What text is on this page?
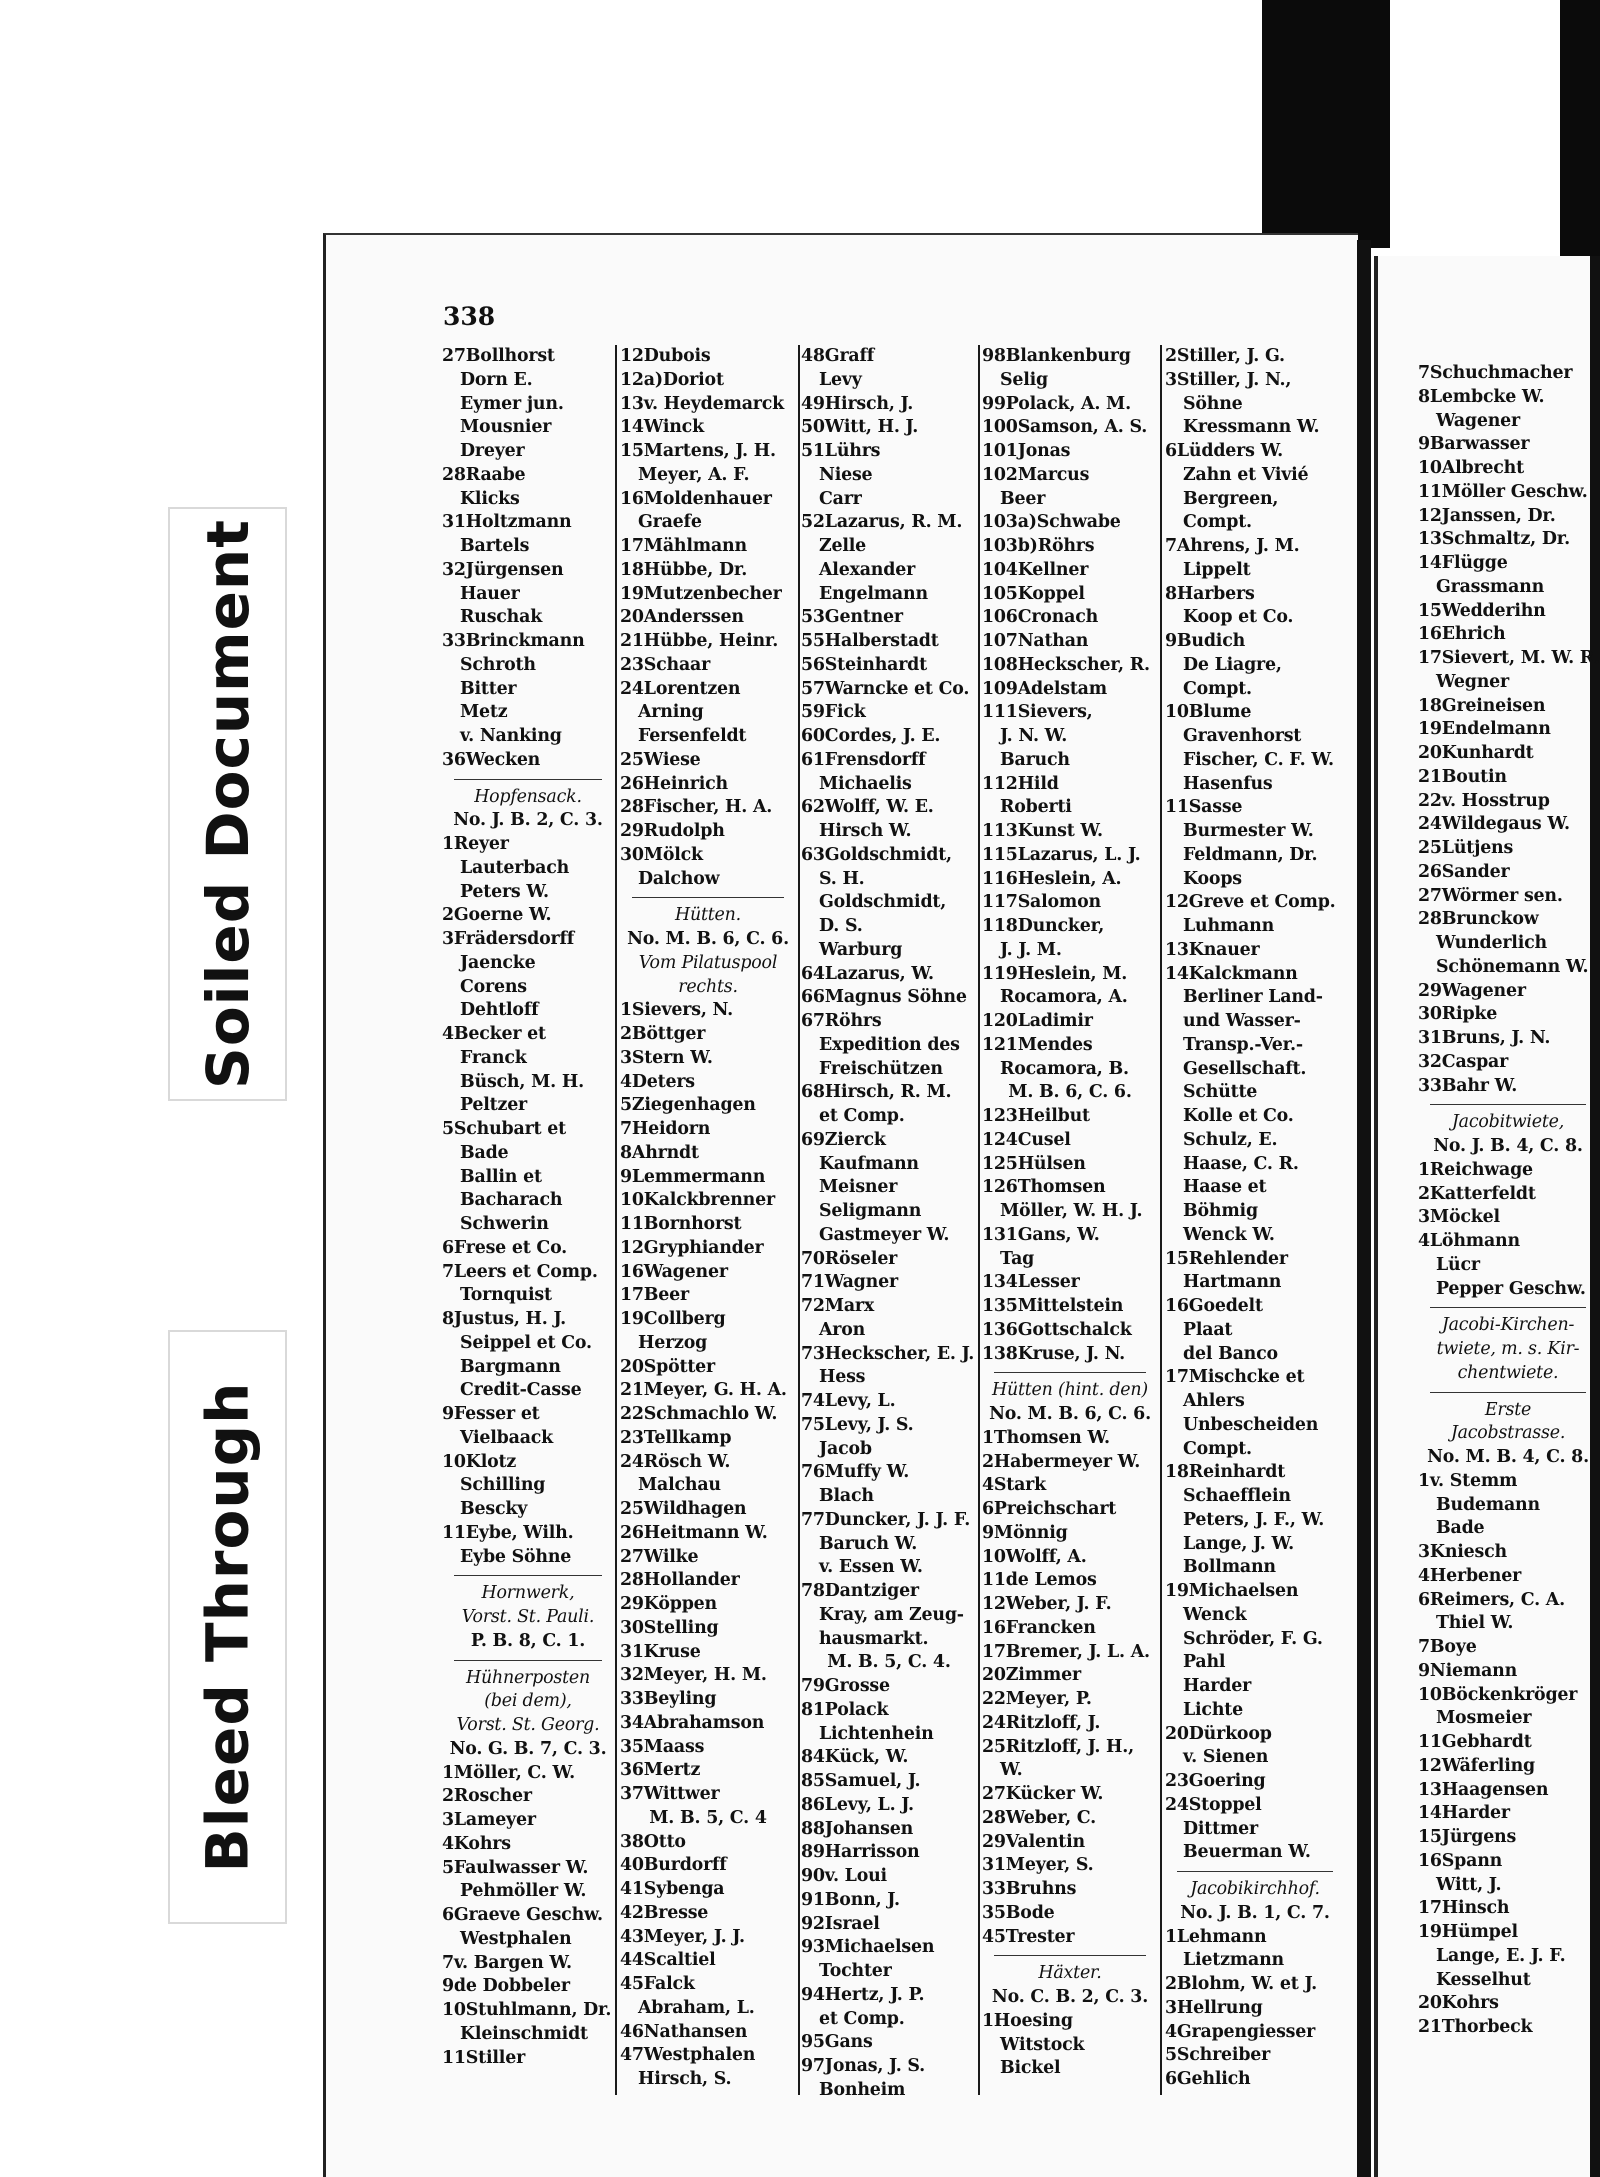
Soiled Document
Bleed Through
338
27Bollhorst
Dorn E.
Eymer jun.
Mousnier
Dreyer
28Raabe
Klicks
31Holtzmann
Bartels
32Jürgensen
Hauer
Ruschak
33Brinckmann
Schroth
Bitter
Metz
v. Nanking
36Wecken
Hopfensack.
No. J. B. 2, C. 3.
1Reyer
Lauterbach
Peters W.
2Goerne W.
3Frädersdorff
Jaencke
Corens
Dehtloff
4Becker et
Franck
Büsch, M. H.
Peltzer
5Schubart et
Bade
Ballin et
Bacharach
Schwerin
6Frese et Co.
7Leers et Comp.
Tornquist
8Justus, H. J.
Seippel et Co.
Bargmann
Credit-Casse
9Fesser et
Vielbaack
10Klotz
Schilling
Bescky
11Eybe, Wilh.
Eybe Söhne
Hornwerk,
Vorst. St. Pauli.
P. B. 8, C. 1.
Hühnerposten
(bei dem),
Vorst. St. Georg.
No. G. B. 7, C. 3.
1Möller, C. W.
2Roscher
3Lameyer
4Kohrs
5Faulwasser W.
Pehmöller W.
6Graeve Geschw.
Westphalen
7v. Bargen W.
9de Dobbeler
10Stuhlmann, Dr.
Kleinschmidt
11Stiller
12Dubois
12a)Doriot
13v. Heydemarck
14Winck
15Martens, J. H.
Meyer, A. F.
16Moldenhauer
Graefe
17Mählmann
18Hübbe, Dr.
19Mutzenbecher
20Anderssen
21Hübbe, Heinr.
23Schaar
24Lorentzen
Arning
Fersenfeldt
25Wiese
26Heinrich
28Fischer, H. A.
29Rudolph
30Mölck
Dalchow
Hütten.
No. M. B. 6, C. 6.
Vom Pilatuspool
rechts.
1Sievers, N.
2Böttger
3Stern W.
4Deters
5Ziegenhagen
7Heidorn
8Ahrndt
9Lemmermann
10Kalckbrenner
11Bornhorst
12Gryphiander
16Wagener
17Beer
19Collberg
Herzog
20Spötter
21Meyer, G. H. A.
22Schmachlo W.
23Tellkamp
24Rösch W.
Malchau
25Wildhagen
26Heitmann W.
27Wilke
28Hollander
29Köppen
30Stelling
31Kruse
32Meyer, H. M.
33Beyling
34Abrahamson
35Maass
36Mertz
37Wittwer
M. B. 5, C. 4
38Otto
40Burdorff
41Sybenga
42Bresse
43Meyer, J. J.
44Scaltiel
45Falck
Abraham, L.
46Nathansen
47Westphalen
Hirsch, S.
48Graff
Levy
49Hirsch, J.
50Witt, H. J.
51Lührs
Niese
Carr
52Lazarus, R. M.
Zelle
Alexander
Engelmann
53Gentner
55Halberstadt
56Steinhardt
57Warncke et Co.
59Fick
60Cordes, J. E.
61Frensdorff
Michaelis
62Wolff, W. E.
Hirsch W.
63Goldschmidt,
S. H.
Goldschmidt,
D. S.
Warburg
64Lazarus, W.
66Magnus Söhne
67Röhrs
Expedition des
Freischützen
68Hirsch, R. M.
et Comp.
69Zierck
Kaufmann
Meisner
Seligmann
Gastmeyer W.
70Röseler
71Wagner
72Marx
Aron
73Heckscher, E. J.
Hess
74Levy, L.
75Levy, J. S.
Jacob
76Muffy W.
Blach
77Duncker, J. J. F.
Baruch W.
v. Essen W.
78Dantziger
Kray, am Zeug-
hausmarkt.
M. B. 5, C. 4.
79Grosse
81Polack
Lichtenhein
84Kück, W.
85Samuel, J.
86Levy, L. J.
88Johansen
89Harrisson
90v. Loui
91Bonn, J.
92Israel
93Michaelsen
Tochter
94Hertz, J. P.
et Comp.
95Gans
97Jonas, J. S.
Bonheim
98Blankenburg
Selig
99Polack, A. M.
100Samson, A. S.
101Jonas
102Marcus
Beer
103a)Schwabe
103b)Röhrs
104Kellner
105Koppel
106Cronach
107Nathan
108Heckscher, R.
109Adelstam
111Sievers,
J. N. W.
Baruch
112Hild
Roberti
113Kunst W.
115Lazarus, L. J.
116Heslein, A.
117Salomon
118Duncker,
J. J. M.
119Heslein, M.
Rocamora, A.
120Ladimir
121Mendes
Rocamora, B.
M. B. 6, C. 6.
123Heilbut
124Cusel
125Hülsen
126Thomsen
Möller, W. H. J.
131Gans, W.
Tag
134Lesser
135Mittelstein
136Gottschalck
138Kruse, J. N.
Hütten (hint. den)
No. M. B. 6, C. 6.
1Thomsen W.
2Habermeyer W.
4Stark
6Preichschart
9Mönnig
10Wolff, A.
11de Lemos
12Weber, J. F.
16Francken
17Bremer, J. L. A.
20Zimmer
22Meyer, P.
24Ritzloff, J.
25Ritzloff, J. H.,
W.
27Kücker W.
28Weber, C.
29Valentin
31Meyer, S.
33Bruhns
35Bode
45Trester
Häxter.
No. C. B. 2, C. 3.
1Hoesing
Witstock
Bickel
2Stiller, J. G.
3Stiller, J. N.,
Söhne
Kressmann W.
6Lüdders W.
Zahn et Vivié
Bergreen,
Compt.
7Ahrens, J. M.
Lippelt
8Harbers
Koop et Co.
9Budich
De Liagre,
Compt.
10Blume
Gravenhorst
Fischer, C. F. W.
Hasenfus
11Sasse
Burmester W.
Feldmann, Dr.
Koops
12Greve et Comp.
Luhmann
13Knauer
14Kalckmann
Berliner Land-
und Wasser-
Transp.-Ver.-
Gesellschaft.
Schütte
Kolle et Co.
Schulz, E.
Haase, C. R.
Haase et
Böhmig
Wenck W.
15Rehlender
Hartmann
16Goedelt
Plaat
del Banco
17Mischcke et
Ahlers
Unbescheiden
Compt.
18Reinhardt
Schaefflein
Peters, J. F., W.
Lange, J. W.
Bollmann
19Michaelsen
Wenck
Schröder, F. G.
Pahl
Harder
Lichte
20Dürkoop
v. Sienen
23Goering
24Stoppel
Dittmer
Beuerman W.
Jacobikirchhof.
No. J. B. 1, C. 7.
1Lehmann
Lietzmann
2Blohm, W. et J.
3Hellrung
4Grapengiesser
5Schreiber
6Gehlich
7Schuchmacher
8Lembcke W.
Wagener
9Barwasser
10Albrecht
11Möller Geschw.
12Janssen, Dr.
13Schmaltz, Dr.
14Flügge
Grassmann
15Wedderihn
16Ehrich
17Sievert, M. W. R.
Wegner
18Greineisen
19Endelmann
20Kunhardt
21Boutin
22v. Hosstrup
24Wildegaus W.
25Lütjens
26Sander
27Wörmer sen.
28Brunckow
Wunderlich
Schönemann W.
29Wagener
30Ripke
31Bruns, J. N.
32Caspar
33Bahr W.
Jacobitwiete,
No. J. B. 4, C. 8.
1Reichwage
2Katterfeldt
3Möckel
4Löhmann
Lücr
Pepper Geschw.
Jacobi-Kirchen-
twiete, m. s. Kir-
chentwiete.
Erste
Jacobstrasse.
No. M. B. 4, C. 8.
1v. Stemm
Budemann
Bade
3Kniesch
4Herbener
6Reimers, C. A.
Thiel W.
7Boye
9Niemann
10Böckenkröger
Mosmeier
11Gebhardt
12Wäferling
13Haagensen
14Harder
15Jürgens
16Spann
Witt, J.
17Hinsch
19Hümpel
Lange, E. J. F.
Kesselhut
20Kohrs
21Thorbeck
